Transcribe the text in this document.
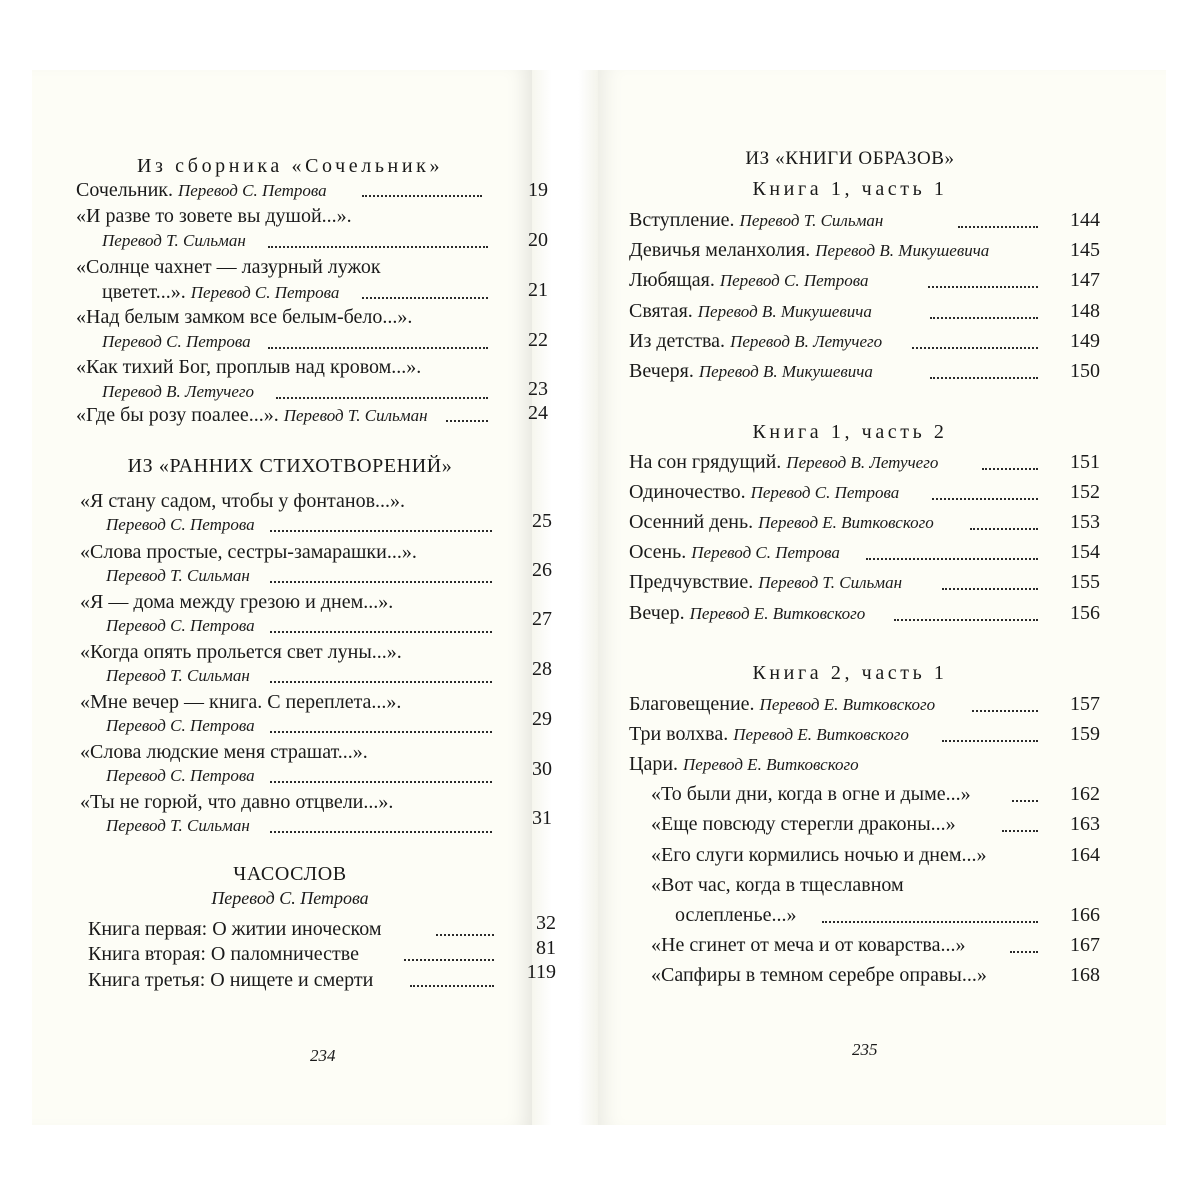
Из сборника «Сочельник»
Сочельник. Перевод С. Петрова	19
«И разве то зовете вы душой...».
Перевод Т. Сильман	20
«Солнце чахнет — лазурный лужок
цветет...». Перевод С. Петрова	21
«Над белым замком все белым-бело...».
Перевод С. Петрова	22
«Как тихий Бог, проплыв над кровом...».
Перевод В. Летучего	23
«Где бы розу поалее...». Перевод Т. Сильман	24
ИЗ «РАННИХ СТИХОТВОРЕНИЙ»
«Я стану садом, чтобы у фонтанов...».
Перевод С. Петрова	25
«Слова простые, сестры-замарашки...».
Перевод Т. Сильман	26
«Я — дома между грезою и днем...».
Перевод С. Петрова	27
«Когда опять прольется свет луны...».
Перевод Т. Сильман	28
«Мне вечер — книга. С переплета...».
Перевод С. Петрова	29
«Слова людские меня страшат...».
Перевод С. Петрова	30
«Ты не горюй, что давно отцвели...».
Перевод Т. Сильман	31
ЧАСОСЛОВ
Перевод С. Петрова
Книга первая: О житии иноческом	32
Книга вторая: О паломничестве	81
Книга третья: О нищете и смерти	119
234
ИЗ «КНИГИ ОБРАЗОВ»
Книга 1, часть 1
Вступление. Перевод Т. Сильман	144
Девичья меланхолия. Перевод В. Микушевича	145
Любящая. Перевод С. Петрова	147
Святая. Перевод В. Микушевича	148
Из детства. Перевод В. Летучего	149
Вечеря. Перевод В. Микушевича	150
Книга 1, часть 2
На сон грядущий. Перевод В. Летучего	151
Одиночество. Перевод С. Петрова	152
Осенний день. Перевод Е. Витковского	153
Осень. Перевод С. Петрова	154
Предчувствие. Перевод Т. Сильман	155
Вечер. Перевод Е. Витковского	156
Книга 2, часть 1
Благовещение. Перевод Е. Витковского	157
Три волхва. Перевод Е. Витковского	159
Цари. Перевод Е. Витковского
«То были дни, когда в огне и дыме...»	162
«Еще повсюду стерегли драконы...»	163
«Его слуги кормились ночью и днем...»	164
«Вот час, когда в тщеславном
ослепленье...»	166
«Не сгинет от меча и от коварства...»	167
«Сапфиры в темном серебре оправы...»	168
235
